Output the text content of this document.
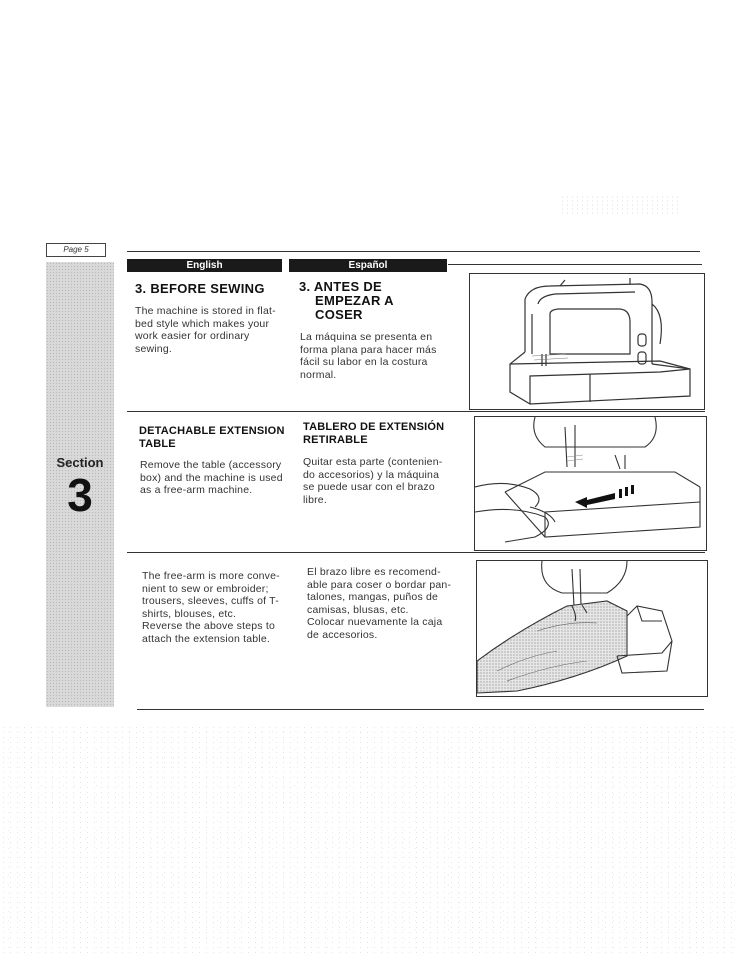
Page 5
Section
3
English	Español
3. BEFORE SEWING
The machine is stored in flat-
bed style which makes your
work easier for ordinary
sewing.
3. ANTES DE
EMPEZAR A
COSER
La máquina se presenta en
forma plana para hacer más
fácil su labor en la costura
normal.
DETACHABLE EXTENSION
TABLE
Remove the table (accessory
box) and the machine is used
as a free-arm machine.
TABLERO DE EXTENSIÓN
RETIRABLE
Quitar esta parte (contenien-
do accesorios) y la máquina
se puede usar con el brazo
libre.
The free-arm is more conve-
nient to sew or embroider;
trousers, sleeves, cuffs of T-
shirts, blouses, etc.
Reverse the above steps to
attach the extension table.
El brazo libre es recomend-
able para coser o bordar pan-
talones, mangas, puños de
camisas, blusas, etc.
Colocar nuevamente la caja
de accesorios.
